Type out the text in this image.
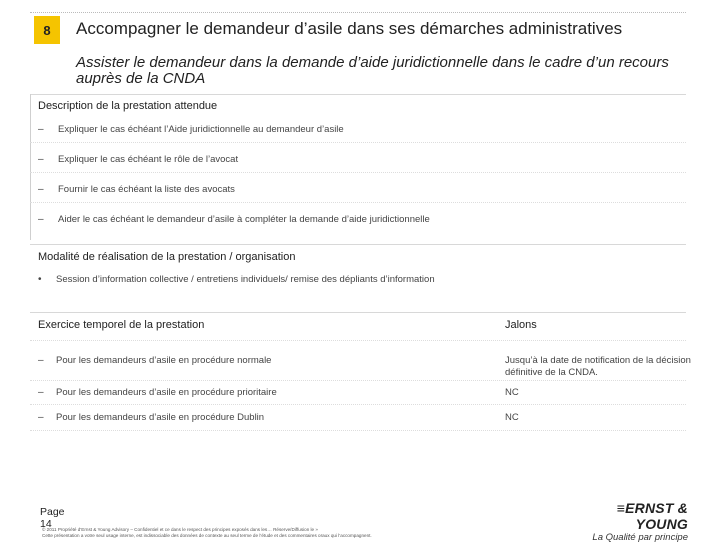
8	Accompagner le demandeur d’asile dans ses démarches administratives
Assister le demandeur dans la demande d’aide juridictionnelle dans le cadre d’un recours auprès de la CNDA
Description de la prestation attendue
– Expliquer le cas échéant l’Aide juridictionnelle au demandeur d’asile
– Expliquer le cas échéant le rôle de l’avocat
– Fournir le cas échéant la liste des avocats
– Aider le cas échéant le demandeur d’asile à compléter la demande d’aide juridictionnelle
Modalité de réalisation de la prestation / organisation
• Session d’information collective / entretiens individuels/ remise des dépliants d’information
Exercice temporel de la prestation	Jalons
– Pour les demandeurs d’asile en procédure normale	Jusqu’à la date de notification de la décision définitive de la CNDA.
– Pour les demandeurs d’asile en procédure prioritaire	NC
– Pour les demandeurs d’asile en procédure Dublin	NC
Page
14
© 2011 Propriété d’Ernst & Young Advisory – Confidentiel et ce dans le respect des principes exposés dans les… Réserve/Diffusion le »
Cette présentation a votre seul usage interne, est indissociable des données de contexte au seul terme de l’étude et des commentaires oraux qui l’accompagnent.
≡ERNST & YOUNG
La Qualité par principe
